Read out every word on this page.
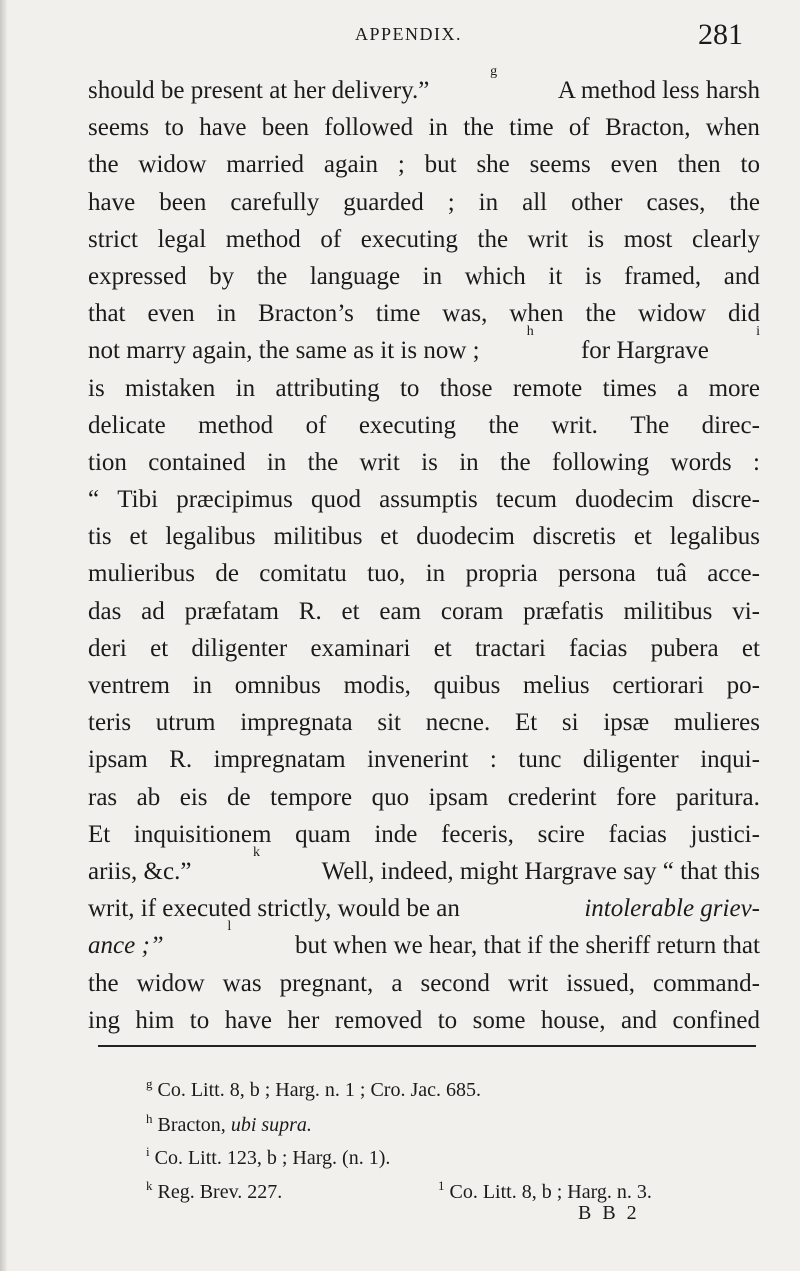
APPENDIX.	281
should be present at her delivery.”
g
A method less harsh
seems to have been followed in the time of Bracton, when
the widow married again ; but she seems even then to
have been carefully guarded ; in all other cases, the
strict legal method of executing the writ is most clearly
expressed by the language in which it is framed, and
that even in Bracton’s time was, when the widow did
not marry again, the same as it is now ;
h
for Hargrave
i
is mistaken in attributing to those remote times a more
delicate method of executing the writ. The direc-
tion contained in the writ is in the following words :
“ Tibi præcipimus quod assumptis tecum duodecim discre-
tis et legalibus militibus et duodecim discretis et legalibus
mulieribus de comitatu tuo, in propria persona tuâ acce-
das ad præfatam R. et eam coram præfatis militibus vi-
deri et diligenter examinari et tractari facias pubera et
ventrem in omnibus modis, quibus melius certiorari po-
teris utrum impregnata sit necne. Et si ipsæ mulieres
ipsam R. impregnatam invenerint : tunc diligenter inqui-
ras ab eis de tempore quo ipsam crederint fore paritura.
Et inquisitionem quam inde feceris, scire facias justici-
ariis, &c.”
k
Well, indeed, might Hargrave say “ that this
writ, if executed strictly, would be an	intolerable griev-
ance ;”
l
but when we hear, that if the sheriff return that
the widow was pregnant, a second writ issued, command-
ing him to have her removed to some house, and confined
$^g$ Co. Litt. 8, b ; Harg. n. 1 ; Cro. Jac. 685.
$^h$ Bracton, ubi supra.
$^i$ Co. Litt. 123, b ; Harg. (n. 1).
$^k$ Reg. Brev. 227.	$^1$ Co. Litt. 8, b ; Harg. n. 3.
B B 2
